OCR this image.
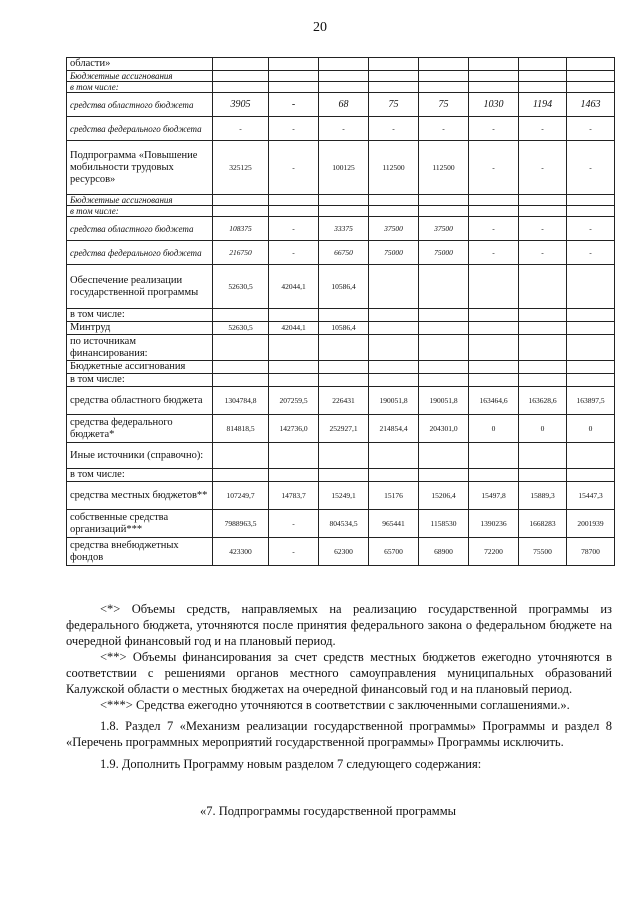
20
области»								
Бюджетные ассигнования								
в том числе:								
средства областного бюджета	3905	-	68	75	75	1030	1194	1463
средства федерального бюджета	-	-	-	-	-	-	-	-
Подпрограмма «Повышение мобильности трудовых ресурсов»	325125	-	100125	112500	112500	-	-	-
Бюджетные ассигнования								
в том числе:								
средства областного бюджета	108375	-	33375	37500	37500	-	-	-
средства федерального бюджета	216750	-	66750	75000	75000	-	-	-
Обеспечение реализации государственной программы	52630,5	42044,1	10586,4					
в том числе:								
Минтруд	52630,5	42044,1	10586,4					
по источникам финансирования:								
Бюджетные ассигнования								
в том числе:								
средства областного бюджета	1304784,8	207259,5	226431	190051,8	190051,8	163464,6	163628,6	163897,5
средства федерального бюджета*	814818,5	142736,0	252927,1	214854,4	204301,0	0	0	0
Иные источники (справочно):								
в том числе:								
средства местных бюджетов**	107249,7	14783,7	15249,1	15176	15206,4	15497,8	15889,3	15447,3
собственные средства организаций***	7988963,5	-	804534,5	965441	1158530	1390236	1668283	2001939
средства внебюджетных фондов	423300	-	62300	65700	68900	72200	75500	78700

<*> Объемы средств, направляемых на реализацию государственной программы из федерального бюджета, уточняются после принятия федерального закона о федеральном бюджете на очередной финансовый год и на плановый период.

<**> Объемы финансирования за счет средств местных бюджетов ежегодно уточняются в соответствии с решениями органов местного самоуправления муниципальных образований Калужской области о местных бюджетах на очередной финансовый год и на плановый период.

<***> Средства ежегодно уточняются в соответствии с заключенными соглашениями.».

1.8. Раздел 7 «Механизм реализации государственной программы» Программы и раздел 8 «Перечень программных мероприятий государственной программы» Программы исключить.

1.9. Дополнить Программу новым разделом 7 следующего содержания:

«7. Подпрограммы государственной программы
